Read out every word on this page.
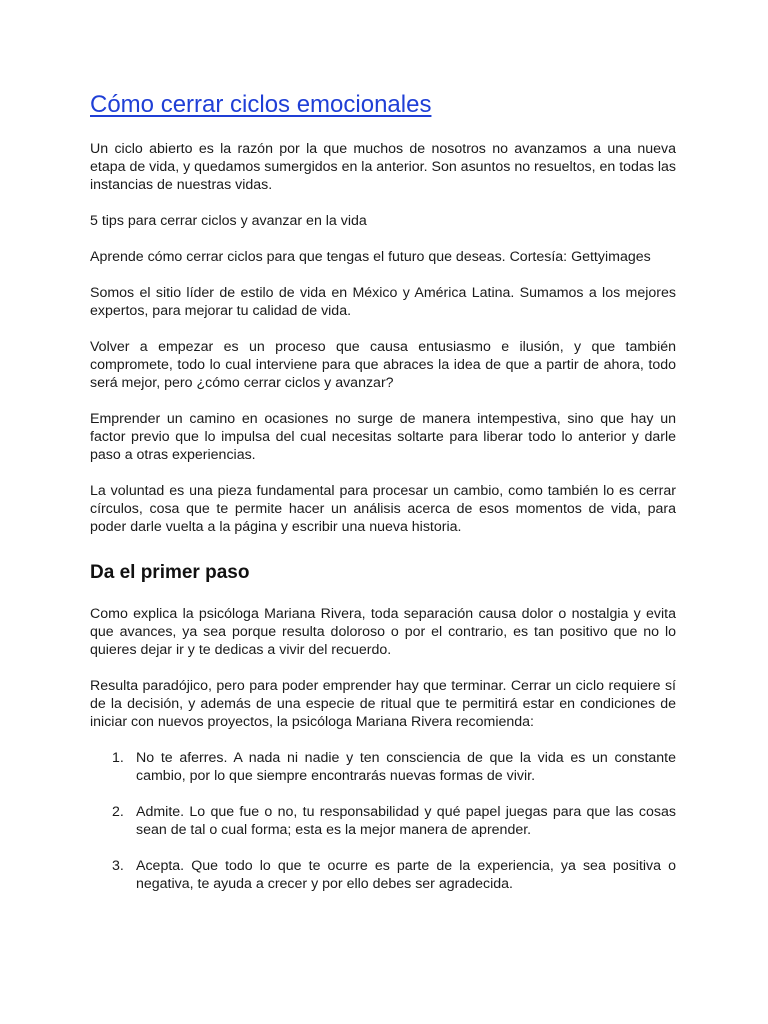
Cómo cerrar ciclos emocionales

Un ciclo abierto es la razón por la que muchos de nosotros no avanzamos a una nueva etapa de vida, y quedamos sumergidos en la anterior. Son asuntos no resueltos, en todas las instancias de nuestras vidas.

5 tips para cerrar ciclos y avanzar en la vida

Aprende cómo cerrar ciclos para que tengas el futuro que deseas. Cortesía: Gettyimages

Somos el sitio líder de estilo de vida en México y América Latina. Sumamos a los mejores expertos, para mejorar tu calidad de vida.

Volver a empezar es un proceso que causa entusiasmo e ilusión, y que también compromete, todo lo cual interviene para que abraces la idea de que a partir de ahora, todo será mejor, pero ¿cómo cerrar ciclos y avanzar?

Emprender un camino en ocasiones no surge de manera intempestiva, sino que hay un factor previo que lo impulsa del cual necesitas soltarte para liberar todo lo anterior y darle paso a otras experiencias.

La voluntad es una pieza fundamental para procesar un cambio, como también lo es cerrar círculos, cosa que te permite hacer un análisis acerca de esos momentos de vida, para poder darle vuelta a la página y escribir una nueva historia.

Da el primer paso

Como explica la psicóloga Mariana Rivera, toda separación causa dolor o nostalgia y evita que avances, ya sea porque resulta doloroso o por el contrario, es tan positivo que no lo quieres dejar ir y te dedicas a vivir del recuerdo.

Resulta paradójico, pero para poder emprender hay que terminar. Cerrar un ciclo requiere sí de la decisión, y además de una especie de ritual que te permitirá estar en condiciones de iniciar con nuevos proyectos, la psicóloga Mariana Rivera recomienda:

1. No te aferres. A nada ni nadie y ten consciencia de que la vida es un constante cambio, por lo que siempre encontrarás nuevas formas de vivir.
2. Admite. Lo que fue o no, tu responsabilidad y qué papel juegas para que las cosas sean de tal o cual forma; esta es la mejor manera de aprender.
3. Acepta. Que todo lo que te ocurre es parte de la experiencia, ya sea positiva o negativa, te ayuda a crecer y por ello debes ser agradecida.
